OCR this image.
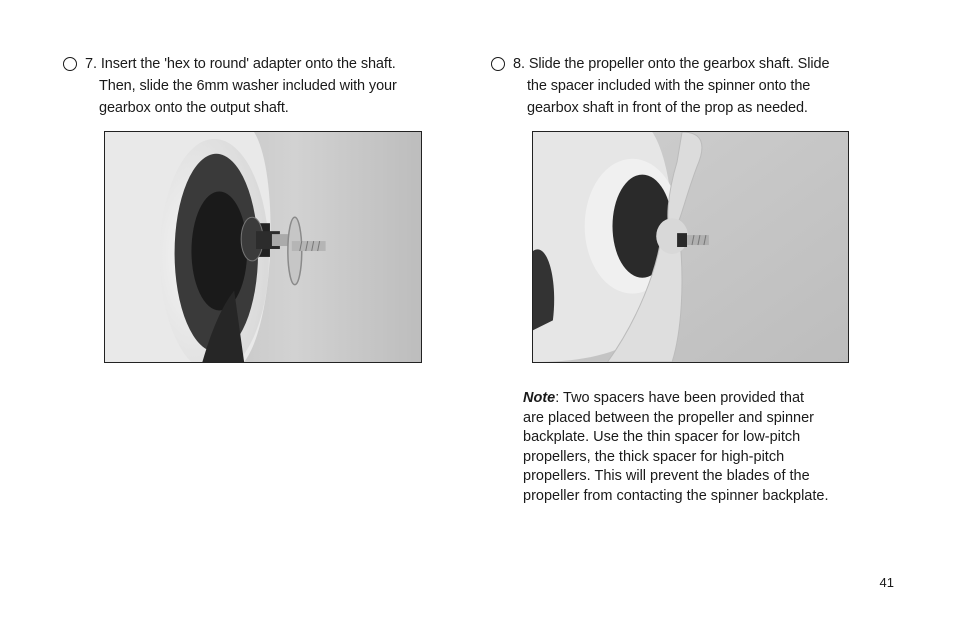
7. Insert the 'hex to round' adapter onto the shaft.
Then, slide the 6mm washer included with your
gearbox onto the output shaft.
8. Slide the propeller onto the gearbox shaft. Slide
the spacer included with the spinner onto the
gearbox shaft in front of the prop as needed.
Note: Two spacers have been provided that
are placed between the propeller and spinner
backplate. Use the thin spacer for low-pitch
propellers, the thick spacer for high-pitch
propellers. This will prevent the blades of the
propeller from contacting the spinner backplate.
41
